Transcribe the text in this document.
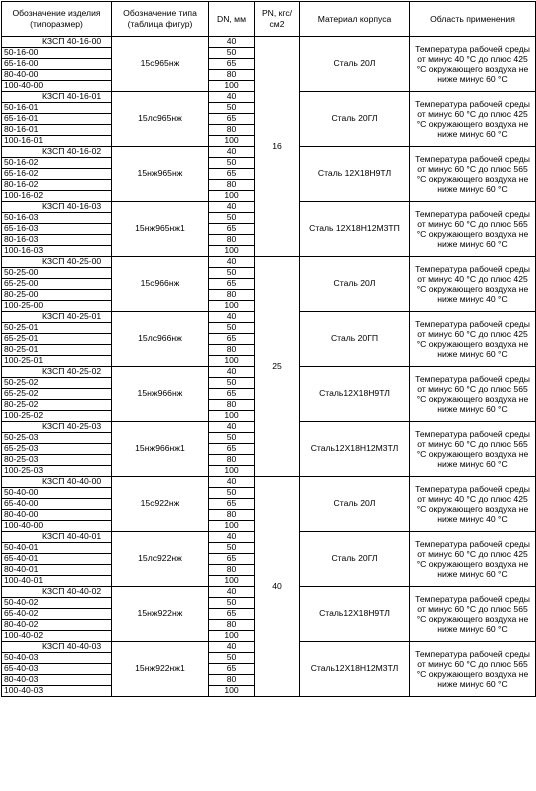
Обозначение изделия (типоразмер)	Обозначение типа (таблица фигур)	DN, мм	PN, кгс/см2	Материал корпуса	Область применения
КЗСП 40-16-00	15с965нж	40	16	Сталь 20Л	Температура рабочей среды от минус 40 °С до плюс 425 °С окружающего воздуха не ниже минус 60 °С
50-16-00		50			
65-16-00		65			
80-40-00		80			
100-40-00		100			
КЗСП 40-16-01	15лс965нж	40		Сталь 20ГЛ	Температура рабочей среды от минус 60 °С до плюс 425 °С окружающего воздуха не ниже минус 60 °С
50-16-01		50			
65-16-01		65			
80-16-01		80			
100-16-01		100			
КЗСП 40-16-02	15нж965нж	40		Сталь 12Х18Н9ТЛ	Температура рабочей среды от минус 60 °С до плюс 565 °С окружающего воздуха не ниже минус 60 °С
50-16-02		50			
65-16-02		65			
80-16-02		80			
100-16-02		100			
КЗСП 40-16-03	15нж965нж1	40		Сталь 12Х18Н12М3ТП	Температура рабочей среды от минус 60 °С до плюс 565 °С окружающего воздуха не ниже минус 60 °С
50-16-03		50			
65-16-03		65			
80-16-03		80			
100-16-03		100			
КЗСП 40-25-00	15с966нж	40	25	Сталь 20Л	Температура рабочей среды от минус 40 °С до плюс 425 °С окружающего воздуха не ниже минус 40 °С
50-25-00		50			
65-25-00		65			
80-25-00		80			
100-25-00		100			
КЗСП 40-25-01	15лс966нж	40		Сталь 20ГП	Температура рабочей среды от минус 60 °С до плюс 425 °С окружающего воздуха не ниже минус 60 °С
50-25-01		50			
65-25-01		65			
80-25-01		80			
100-25-01		100			
КЗСП 40-25-02	15нж966нж	40		Сталь12Х18Н9ТЛ	Температура рабочей среды от минус 60 °С до плюс 565 °С окружающего воздуха не ниже минус 60 °С
50-25-02		50			
65-25-02		65			
80-25-02		80			
100-25-02		100			
КЗСП 40-25-03	15нж966нж1	40		Сталь12Х18Н12М3ТЛ	Температура рабочей среды от минус 60 °С до плюс 565 °С окружающего воздуха не ниже минус 60 °С
50-25-03		50			
65-25-03		65			
80-25-03		80			
100-25-03		100			
КЗСП 40-40-00	15с922нж	40	40	Сталь 20Л	Температура рабочей среды от минус 40 °С до плюс 425 °С окружающего воздуха не ниже минус 40 °С
50-40-00		50			
65-40-00		65			
80-40-00		80			
100-40-00		100			
КЗСП 40-40-01	15лс922нж	40		Сталь 20ГЛ	Температура рабочей среды от минус 60 °С до плюс 425 °С окружающего воздуха не ниже минус 60 °С
50-40-01		50			
65-40-01		65			
80-40-01		80			
100-40-01		100			
КЗСП 40-40-02	15нж922нж	40		Сталь12Х18Н9ТЛ	Температура рабочей среды от минус 60 °С до плюс 565 °С окружающего воздуха не ниже минус 60 °С
50-40-02		50			
65-40-02		65			
80-40-02		80			
100-40-02		100			
КЗСП 40-40-03	15нж922нж1	40		Сталь12Х18Н12М3ТЛ	Температура рабочей среды от минус 60 °С до плюс 565 °С окружающего воздуха не ниже минус 60 °С
50-40-03		50			
65-40-03		65			
80-40-03		80			
100-40-03		100			
